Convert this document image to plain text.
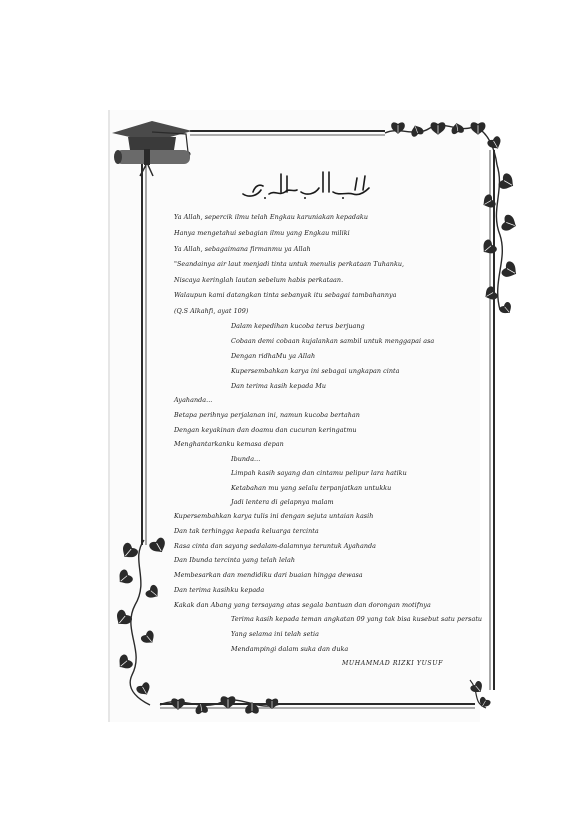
Ya Allah, sepercik ilmu telah Engkau karuniakan kepadaku
Hanya mengetahui sebagian ilmu yang Engkau miliki
Ya Allah, sebagaimana firmanmu ya Allah
"Seandainya air laut menjadi tinta untuk menulis perkataan Tuhanku,
Niscaya keringlah lautan sebelum habis perkataan.
Walaupun kami datangkan tinta sebanyak itu sebagai tambahannya
(Q.S Alkahfi, ayat 109)
Dalam kepedihan kucoba terus berjuang
Cobaan demi cobaan kujalankan sambil untuk menggapai asa
Dengan ridhaMu ya Allah
Kupersembahkan karya ini sebagai ungkapan cinta
Dan terima kasih kepada Mu
Ayahanda...
Betapa perihnya perjalanan ini, namun kucoba bertahan
Dengan keyakinan dan doamu dan cucuran keringatmu
Menghantarkanku kemasa depan
Ibunda...
Limpah kasih sayang dan cintamu pelipur lara hatiku
Ketabahan mu yang selalu terpanjatkan untukku
Jadi lentera di gelapnya malam
Kupersembahkan karya tulis ini dengan sejuta untaian kasih
Dan tak terhingga kepada keluarga tercinta
Rasa cinta dan sayang sedalam-dalamnya teruntuk Ayahanda
Dan Ibunda tercinta yang telah lelah
Membesarkan dan mendidiku dari buaian hingga dewasa
Dan terima kasihku kepada
Kakak dan Abang yang tersayang atas segala bantuan dan dorongan motifnya
Terima kasih kepada teman angkatan 09 yang tak bisa kusebut satu persatu
Yang selama ini telah setia
Mendampingi dalam suka dan duka
MUHAMMAD RIZKI YUSUF
